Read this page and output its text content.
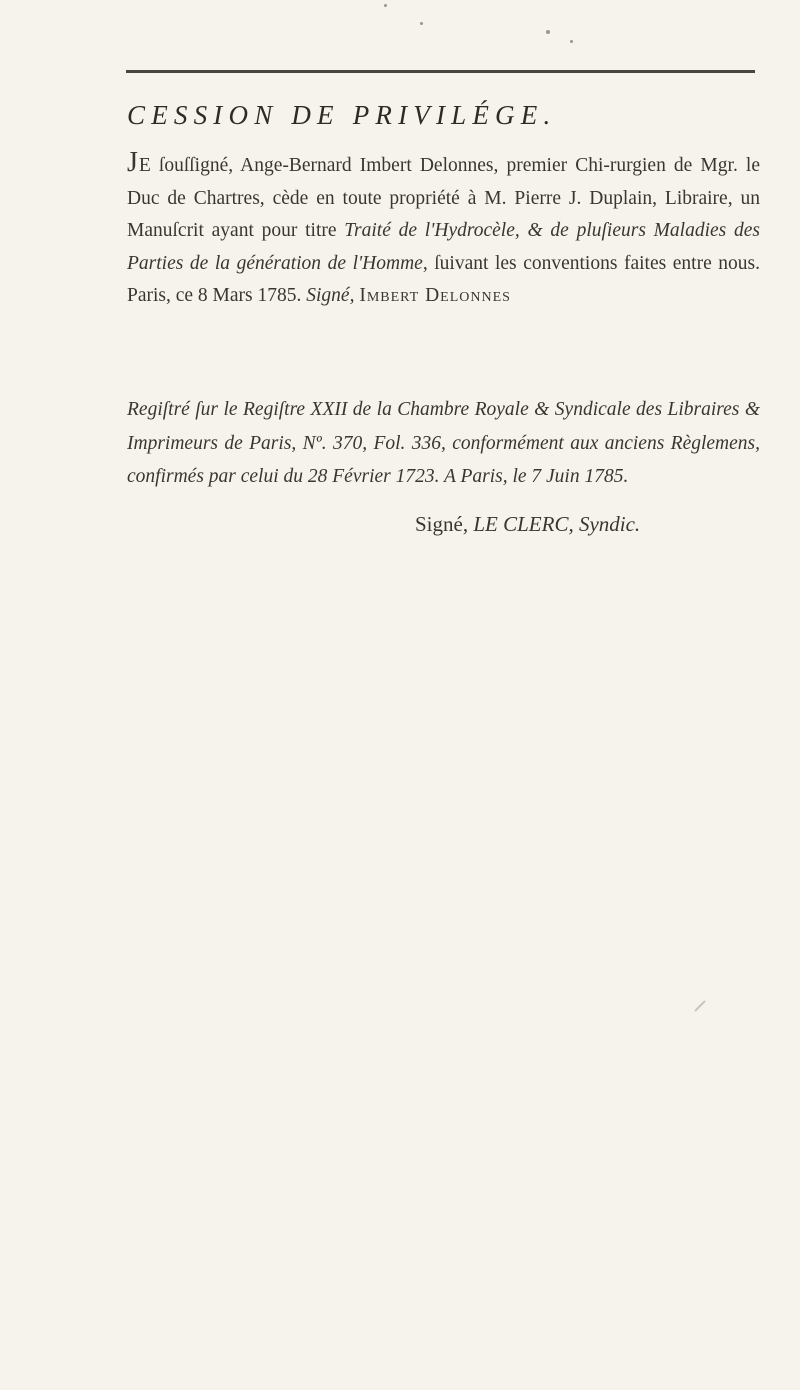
CESSION DE PRIVILÉGE.
JE ſouſſigné, Ange-Bernard Imbert Delonnes, premier Chi-rurgien de Mgr. le Duc de Chartres, cède en toute propriété à M. Pierre J. Duplain, Libraire, un Manuſcrit ayant pour titre Traité de l'Hydrocèle, & de pluſieurs Maladies des Parties de la génération de l'Homme, ſuivant les conventions faites entre nous. Paris, ce 8 Mars 1785. Signé, Imbert Delonnes
Regiſtré ſur le Regiſtre XXII de la Chambre Royale & Syndicale des Libraires & Imprimeurs de Paris, Nº. 370, Fol. 336, conformément aux anciens Règlemens, confirmés par celui du 28 Février 1723. A Paris, le 7 Juin 1785.
Signé, LE CLERC, Syndic.
